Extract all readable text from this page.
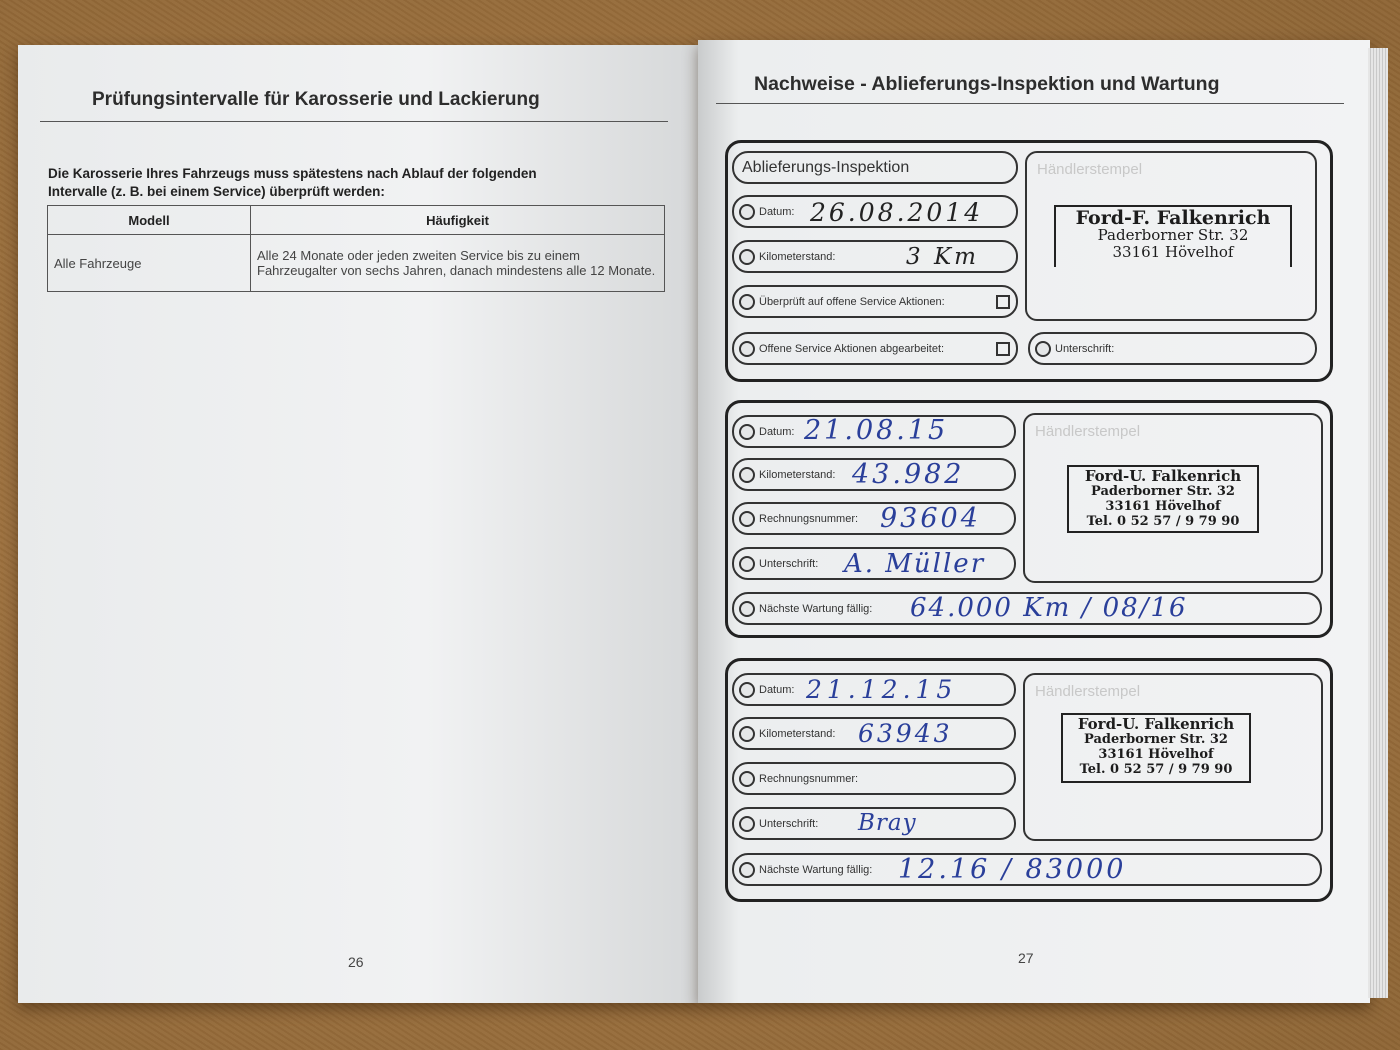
Prüfungsintervalle für Karosserie und Lackierung
Die Karosserie Ihres Fahrzeugs muss spätestens nach Ablauf der folgenden
Intervalle (z. B. bei einem Service) überprüft werden:
Modell	Häufigkeit
Alle Fahrzeuge	Alle 24 Monate oder jeden zweiten Service bis zu einem Fahrzeugalter von sechs Jahren, danach mindestens alle 12 Monate.
26
Nachweise - Ablieferungs-Inspektion und Wartung
Ablieferungs-Inspektion
Datum: 26.08.2014
Kilometerstand:	3 Km
Überprüft auf offene Service Aktionen:
Offene Service Aktionen abgearbeitet:
Händlerstempel
Ford-F. Falkenrich
Paderborner Str. 32
33161 Hövelhof
Unterschrift:
Datum: 21.08.15
Kilometerstand: 43.982
Rechnungsnummer: 93604
Unterschrift: A. Müller
Nächste Wartung fällig: 64.000 Km / 08/16
Händlerstempel
Ford-U. Falkenrich
Paderborner Str. 32
33161 Hövelhof
Tel. 0 52 57 / 9 79 90
Datum: 21.12.15
Kilometerstand: 63943
Rechnungsnummer:
Unterschrift: Bray
Nächste Wartung fällig: 12.16 / 83000
Händlerstempel
Ford-U. Falkenrich
Paderborner Str. 32
33161 Hövelhof
Tel. 0 52 57 / 9 79 90
27
